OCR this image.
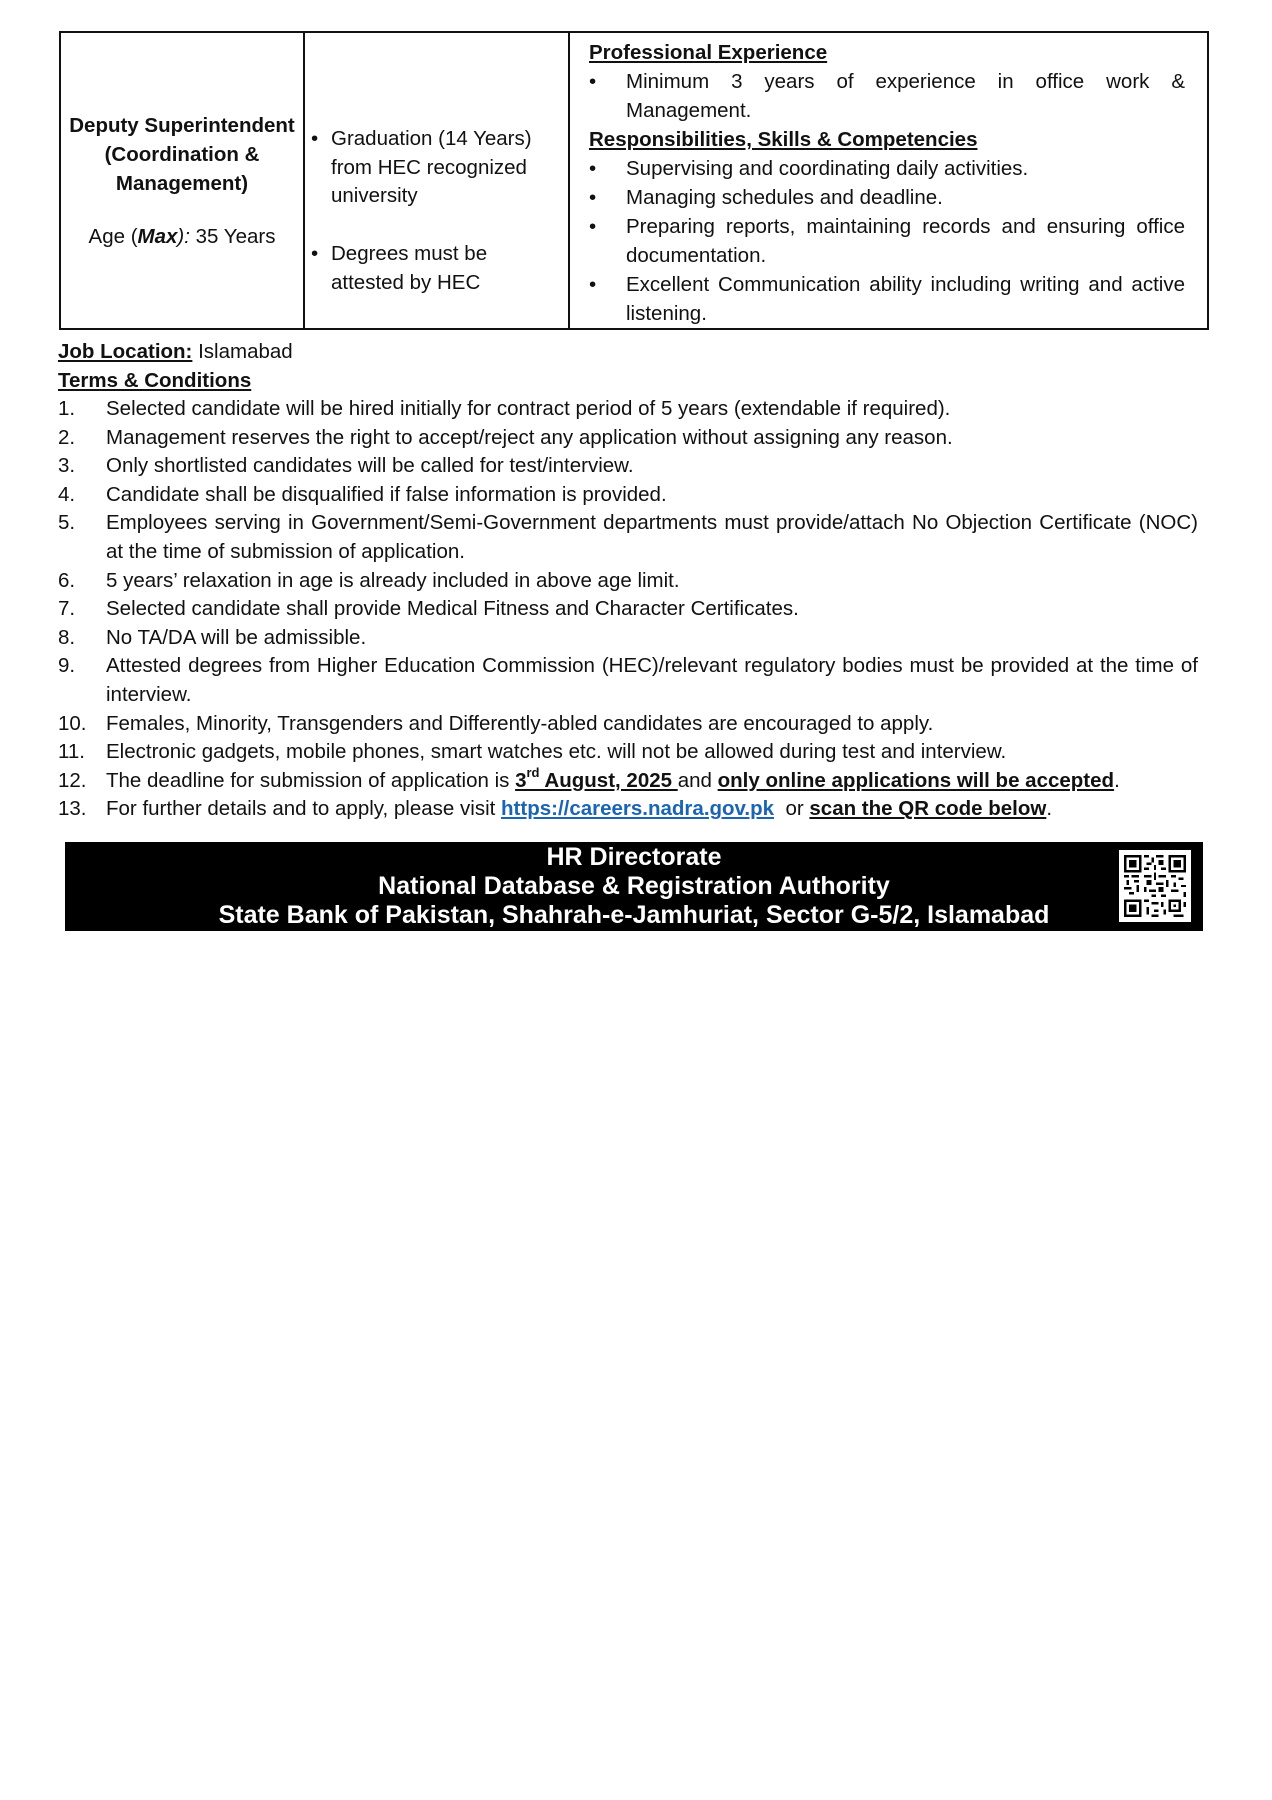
Deputy Superintendent
(Coordination &
Management)
Age (Max): 35 Years

• Graduation (14 Years) from HEC recognized university
• Degrees must be attested by HEC

Professional Experience
• Minimum 3 years of experience in office work & Management.
Responsibilities, Skills & Competencies
• Supervising and coordinating daily activities.
• Managing schedules and deadline.
• Preparing reports, maintaining records and ensuring office documentation.
• Excellent Communication ability including writing and active listening.
Job Location: Islamabad
Terms & Conditions
1. Selected candidate will be hired initially for contract period of 5 years (extendable if required).
2. Management reserves the right to accept/reject any application without assigning any reason.
3. Only shortlisted candidates will be called for test/interview.
4. Candidate shall be disqualified if false information is provided.
5. Employees serving in Government/Semi-Government departments must provide/attach No Objection Certificate (NOC) at the time of submission of application.
6. 5 years’ relaxation in age is already included in above age limit.
7. Selected candidate shall provide Medical Fitness and Character Certificates.
8. No TA/DA will be admissible.
9. Attested degrees from Higher Education Commission (HEC)/relevant regulatory bodies must be provided at the time of interview.
10. Females, Minority, Transgenders and Differently-abled candidates are encouraged to apply.
11. Electronic gadgets, mobile phones, smart watches etc. will not be allowed during test and interview.
12. The deadline for submission of application is 3rd August, 2025 and only online applications will be accepted.
13. For further details and to apply, please visit https://careers.nadra.gov.pk  or scan the QR code below.
HR Directorate
National Database & Registration Authority
State Bank of Pakistan, Shahrah-e-Jamhuriat, Sector G-5/2, Islamabad
